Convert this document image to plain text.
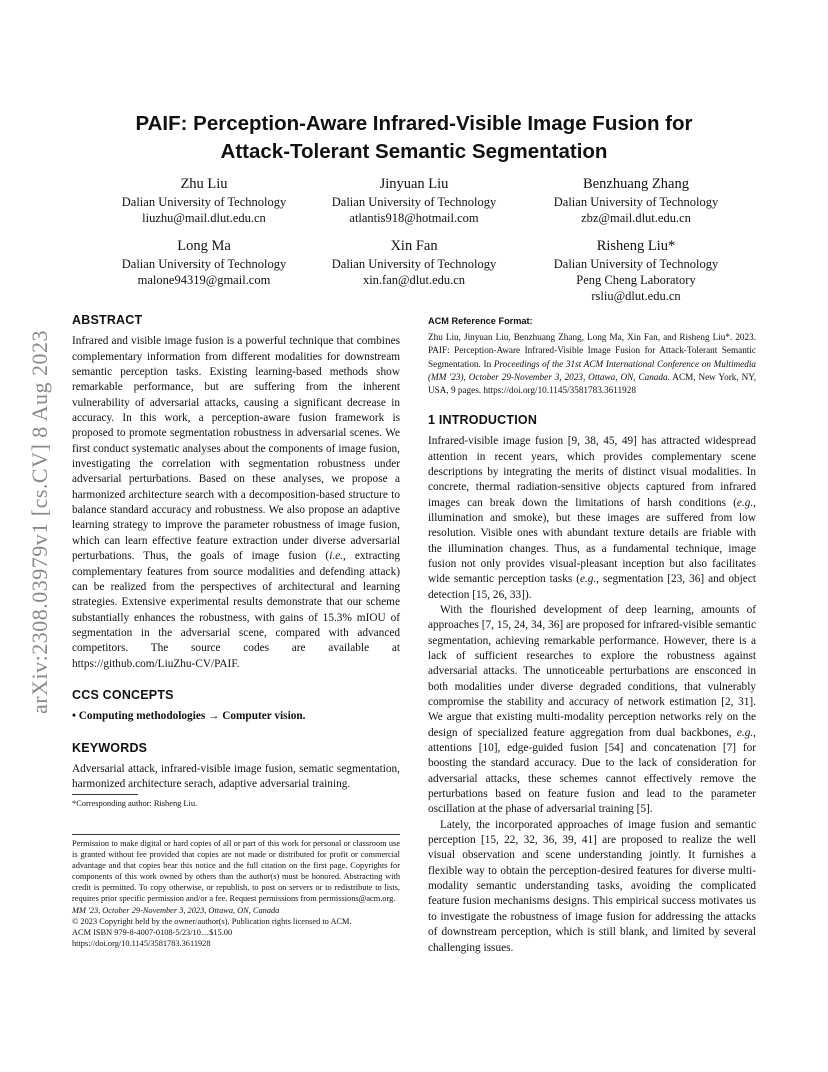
arXiv:2308.03979v1 [cs.CV] 8 Aug 2023
PAIF: Perception-Aware Infrared-Visible Image Fusion for
Attack-Tolerant Semantic Segmentation
Zhu Liu
Dalian University of Technology
liuzhu@mail.dlut.edu.cn
Jinyuan Liu
Dalian University of Technology
atlantis918@hotmail.com
Benzhuang Zhang
Dalian University of Technology
zbz@mail.dlut.edu.cn
Long Ma
Dalian University of Technology
malone94319@gmail.com
Xin Fan
Dalian University of Technology
xin.fan@dlut.edu.cn
Risheng Liu*
Dalian University of Technology
Peng Cheng Laboratory
rsliu@dlut.edu.cn
ABSTRACT

Infrared and visible image fusion is a powerful technique that combines complementary information from different modalities for downstream semantic perception tasks. Existing learning-based methods show remarkable performance, but are suffering from the inherent vulnerability of adversarial attacks, causing a significant decrease in accuracy. In this work, a perception-aware fusion framework is proposed to promote segmentation robustness in adversarial scenes. We first conduct systematic analyses about the components of image fusion, investigating the correlation with segmentation robustness under adversarial perturbations. Based on these analyses, we propose a harmonized architecture search with a decomposition-based structure to balance standard accuracy and robustness. We also propose an adaptive learning strategy to improve the parameter robustness of image fusion, which can learn effective feature extraction under diverse adversarial perturbations. Thus, the goals of image fusion (i.e., extracting complementary features from source modalities and defending attack) can be realized from the perspectives of architectural and learning strategies. Extensive experimental results demonstrate that our scheme substantially enhances the robustness, with gains of 15.3% mIOU of segmentation in the adversarial scene, compared with advanced competitors. The source codes are available at https://github.com/LiuZhu-CV/PAIF.

CCS CONCEPTS

• Computing methodologies → Computer vision.

KEYWORDS

Adversarial attack, infrared-visible image fusion, sematic segmentation, harmonized architecture serach, adaptive adversarial training.

*Corresponding author: Risheng Liu.

Permission to make digital or hard copies of all or part of this work for personal or classroom use is granted without fee provided that copies are not made or distributed for profit or commercial advantage and that copies bear this notice and the full citation on the first page. Copyrights for components of this work owned by others than the author(s) must be honored. Abstracting with credit is permitted. To copy otherwise, or republish, to post on servers or to redistribute to lists, requires prior specific permission and/or a fee. Request permissions from permissions@acm.org.

MM '23, October 29-November 3, 2023, Ottawa, ON, Canada

© 2023 Copyright held by the owner/author(s). Publication rights licensed to ACM.

ACM ISBN 979-8-4007-0108-5/23/10…$15.00

https://doi.org/10.1145/3581783.3611928

ACM Reference Format:

Zhu Liu, Jinyuan Liu, Benzhuang Zhang, Long Ma, Xin Fan, and Risheng Liu*. 2023. PAIF: Perception-Aware Infrared-Visible Image Fusion for Attack-Tolerant Semantic Segmentation. In Proceedings of the 31st ACM International Conference on Multimedia (MM '23), October 29-November 3, 2023, Ottawa, ON, Canada. ACM, New York, NY, USA, 9 pages. https://doi.org/10.1145/3581783.3611928

1 INTRODUCTION

Infrared-visible image fusion [9, 38, 45, 49] has attracted widespread attention in recent years, which provides complementary scene descriptions by integrating the merits of distinct visual modalities. In concrete, thermal radiation-sensitive objects captured from infrared images can break down the limitations of harsh conditions (e.g., illumination and smoke), but these images are suffered from low resolution. Visible ones with abundant texture details are friable with the illumination changes. Thus, as a fundamental technique, image fusion not only provides visual-pleasant inception but also facilitates wide semantic perception tasks (e.g., segmentation [23, 36] and object detection [15, 26, 33]).

With the flourished development of deep learning, amounts of approaches [7, 15, 24, 34, 36] are proposed for infrared-visible semantic segmentation, achieving remarkable performance. However, there is a lack of sufficient researches to explore the robustness against adversarial attacks. The unnoticeable perturbations are ensconced in both modalities under diverse degraded conditions, that vulnerably compromise the stability and accuracy of network estimation [2, 31]. We argue that existing multi-modality perception networks rely on the design of specialized feature aggregation from dual backbones, e.g., attentions [10], edge-guided fusion [54] and concatenation [7] for boosting the standard accuracy. Due to the lack of consideration for adversarial attacks, these schemes cannot effectively remove the perturbations based on feature fusion and lead to the parameter oscillation at the phase of adversarial training [5].

Lately, the incorporated approaches of image fusion and semantic perception [15, 22, 32, 36, 39, 41] are proposed to realize the well visual observation and scene understanding jointly. It furnishes a flexible way to obtain the perception-desired features for diverse multi-modality semantic understanding tasks, avoiding the complicated feature fusion mechanisms designs. This empirical success motivates us to investigate the robustness of image fusion for addressing the attacks of downstream perception, which is still blank, and limited by several challenging issues.
